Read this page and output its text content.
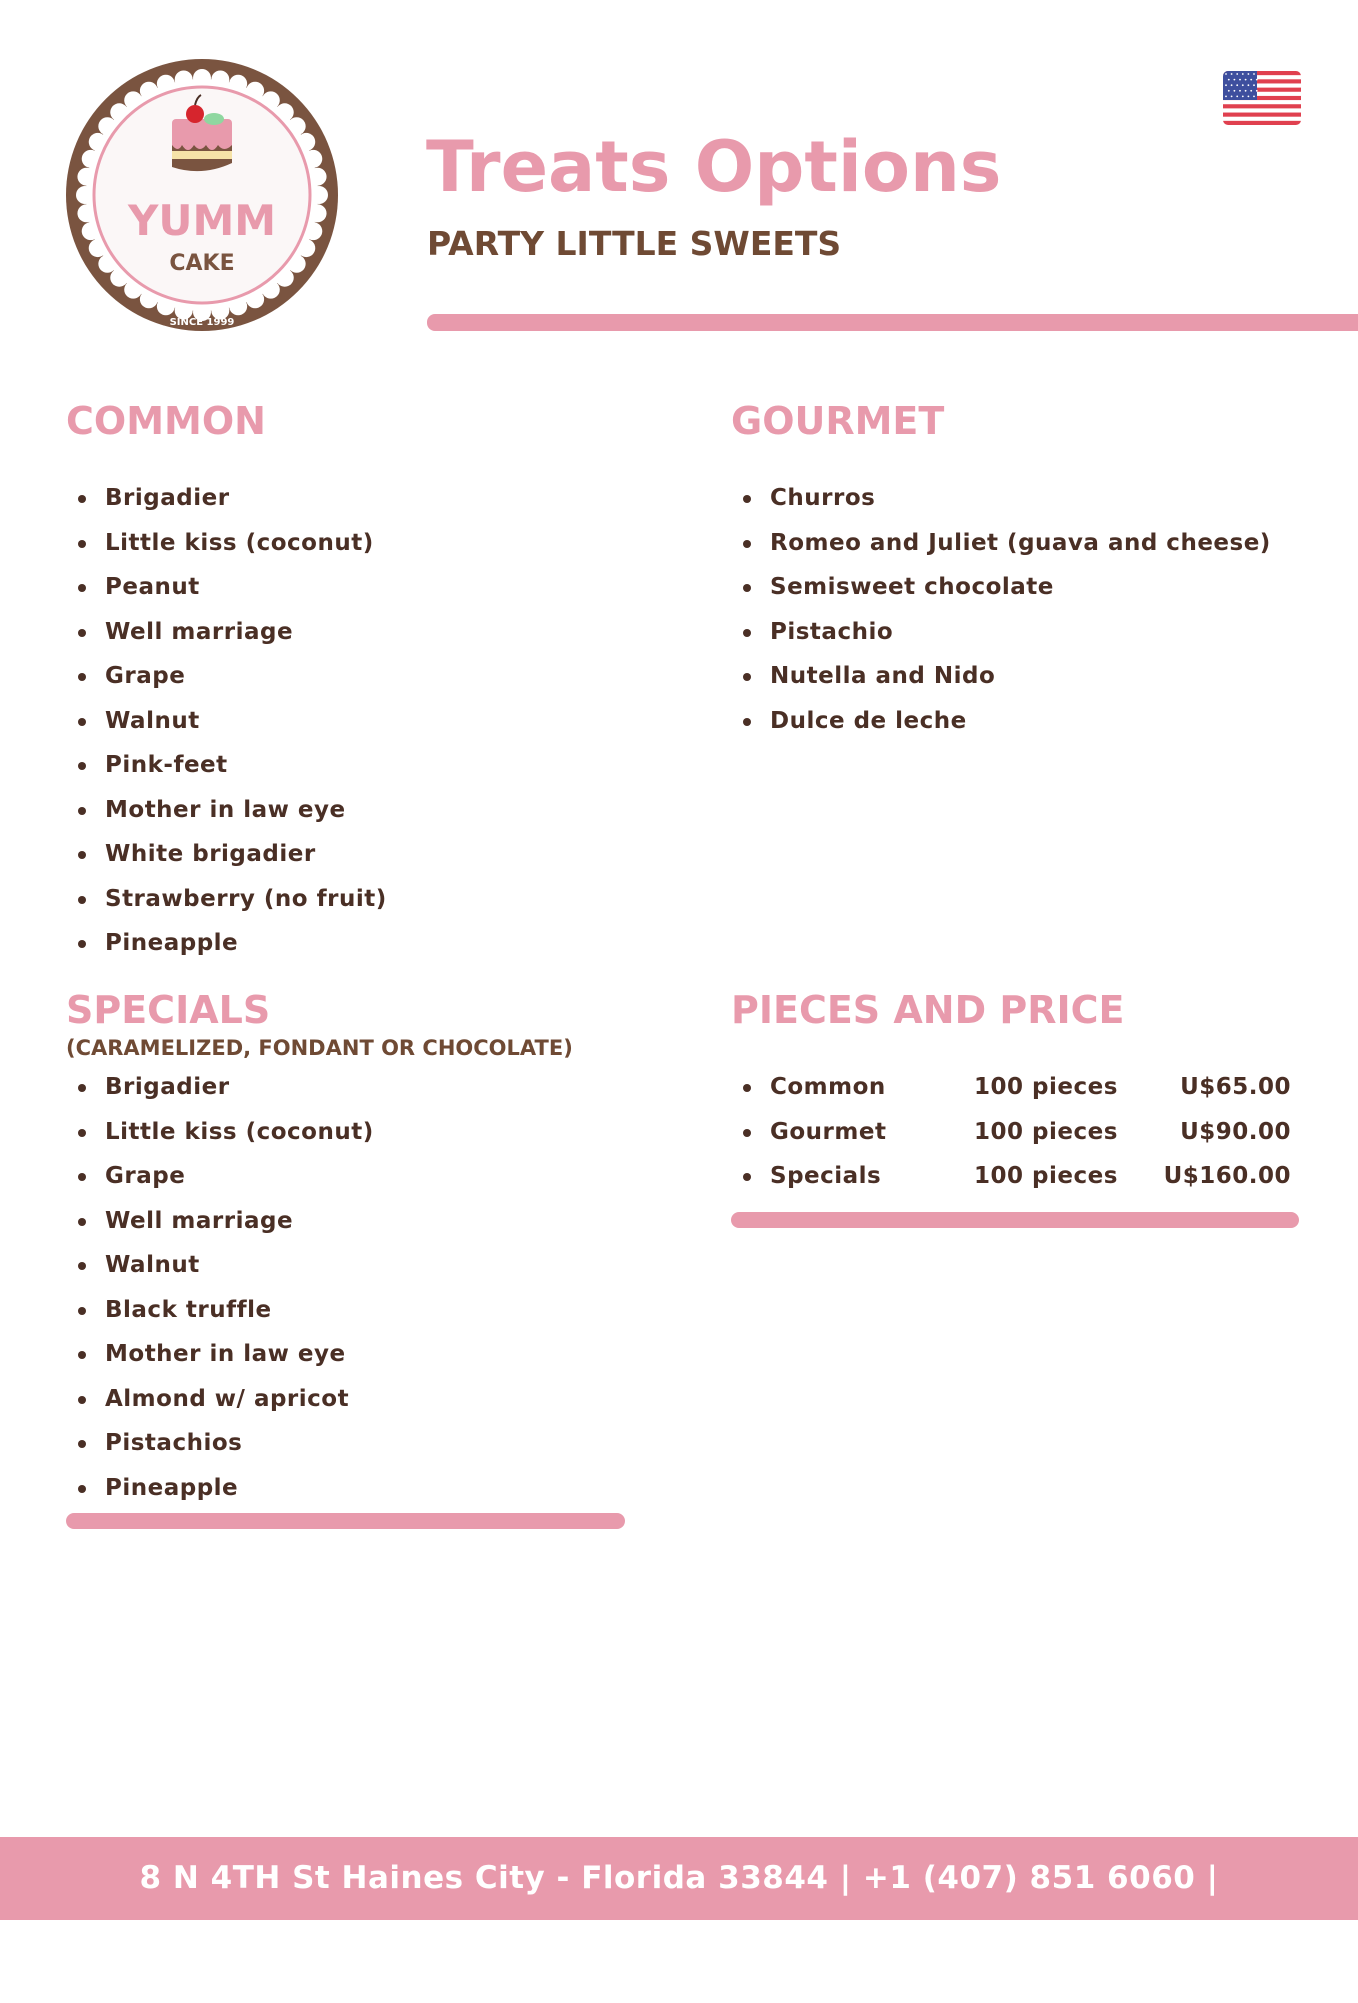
YUMM
CAKE
SINCE 1999
Treats Options
PARTY LITTLE SWEETS
COMMON
Brigadier
Little kiss (coconut)
Peanut
Well marriage
Grape
Walnut
Pink-feet
Mother in law eye
White brigadier
Strawberry (no fruit)
Pineapple
GOURMET
Churros
Romeo and Juliet (guava and cheese)
Semisweet chocolate
Pistachio
Nutella and Nido
Dulce de leche
SPECIALS
(CARAMELIZED, FONDANT OR CHOCOLATE)
Brigadier
Little kiss (coconut)
Grape
Well marriage
Walnut
Black truffle
Mother in law eye
Almond w/ apricot
Pistachios
Pineapple
PIECES AND PRICE
Common	100 pieces	U$65.00
Gourmet	100 pieces	U$90.00
Specials	100 pieces U$160.00
8 N 4TH St Haines City - Florida 33844 | +1 (407) 851 6060 | yummcake.com
